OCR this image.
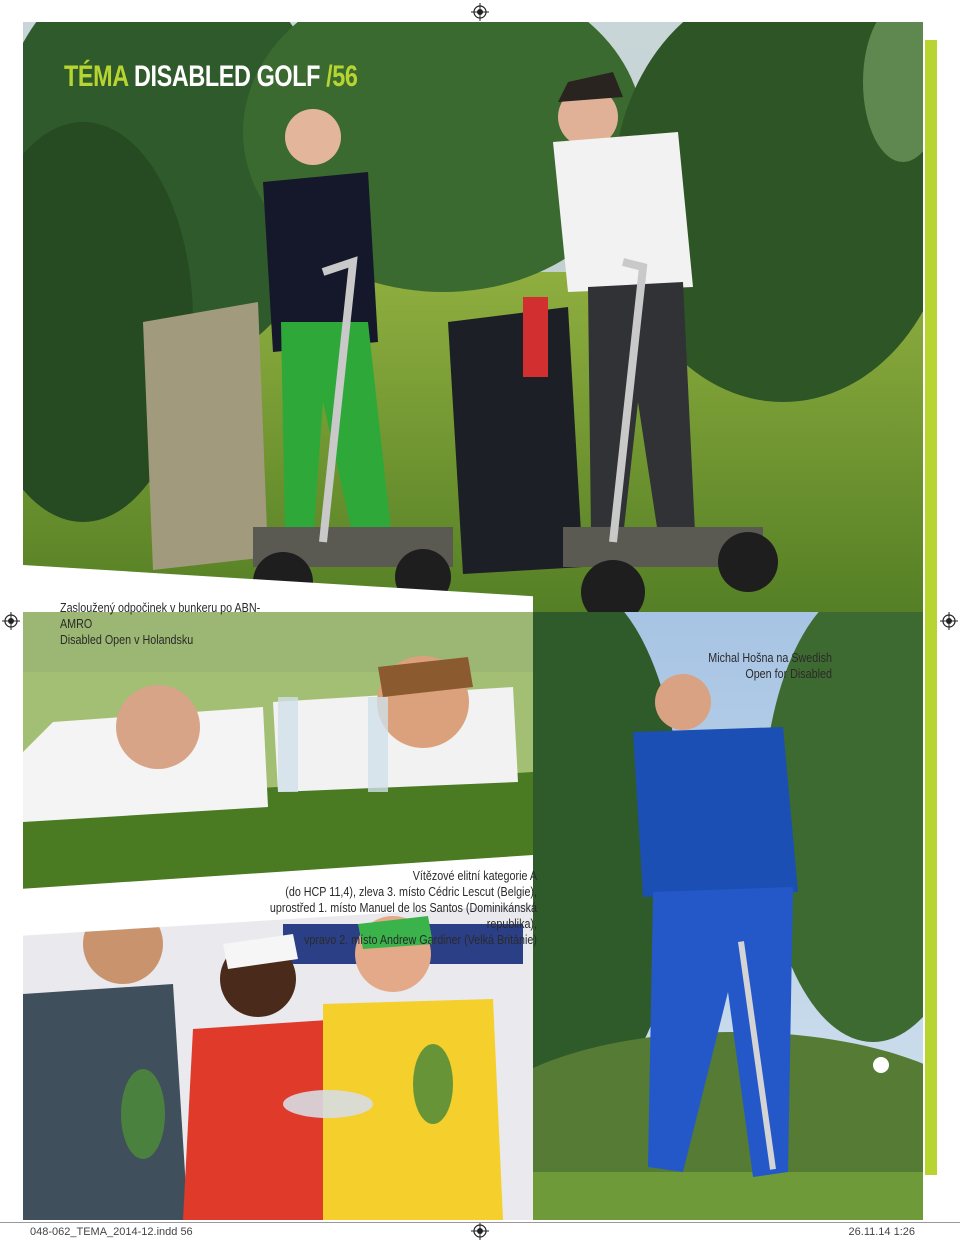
TÉMA DISABLED GOLF /56
Zasloužený odpočinek v bunkeru po ABN-AMRO
Disabled Open v Holandsku
Michal Hošna na Swedish
Open for Disabled
Vítězové elitní kategorie A
(do HCP 11,4), zleva 3. místo Cédric Lescut (Belgie),
uprostřed 1. místo Manuel de los Santos (Dominikánská republika),
vpravo 2. místo Andrew Gardiner (Velká Británie)
048-062_TEMA_2014-12.indd 56	26.11.14 1:26
